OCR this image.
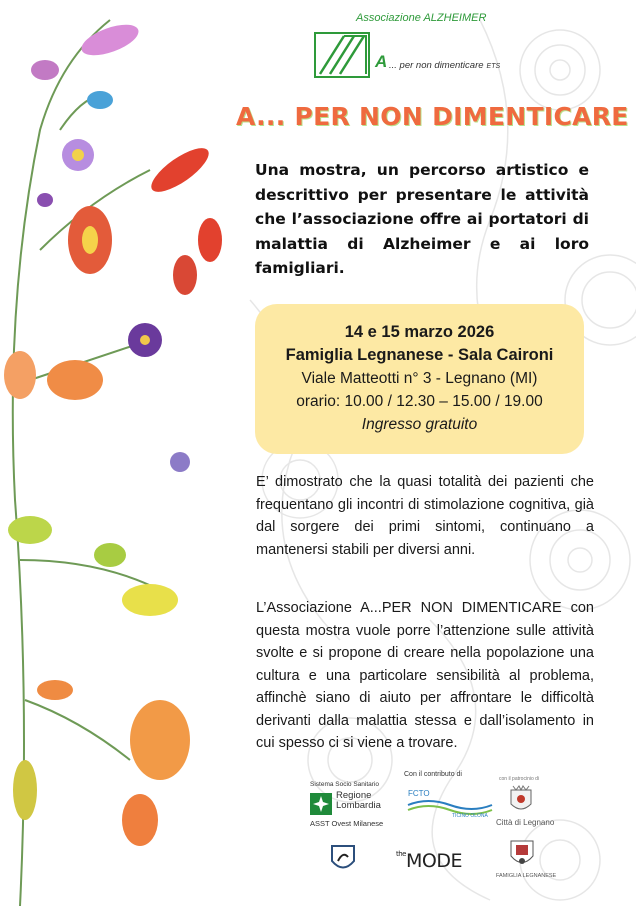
Associazione ALZHEIMER
A ... per non dimenticare ETS
A... PER NON DIMENTICARE
Una mostra, un percorso artistico e descrittivo per presentare le attività che l’associazione offre ai portatori di malattia di Alzheimer e ai loro famigliari.
14 e 15 marzo 2026
Famiglia Legnanese - Sala Caironi
Viale Matteotti n° 3 - Legnano (MI)
orario: 10.00 / 12.30 – 15.00 / 19.00
Ingresso gratuito
E’ dimostrato che la quasi totalità dei pazienti che frequentano gli incontri di stimolazione cognitiva, già dal sorgere dei primi sintomi, continuano a mantenersi stabili per diversi anni.
L’Associazione A...PER NON DIMENTICARE con questa mostra vuole porre l’attenzione sulle attività svolte e si propone di creare nella popolazione una cultura e una particolare sensibilità al problema, affinchè siano di aiuto per affrontare le difficoltà derivanti dalla malattia stessa e dall’isolamento in cui spesso ci si viene a trovare.
Sistema Socio Sanitario
Regione
Lombardia
ASST Ovest Milanese
Con il contributo di
FCTO
TICINO OLONA
con il patrocinio di
Città di Legnano
$^{the}$MODE
FAMIGLIA LEGNANESE
